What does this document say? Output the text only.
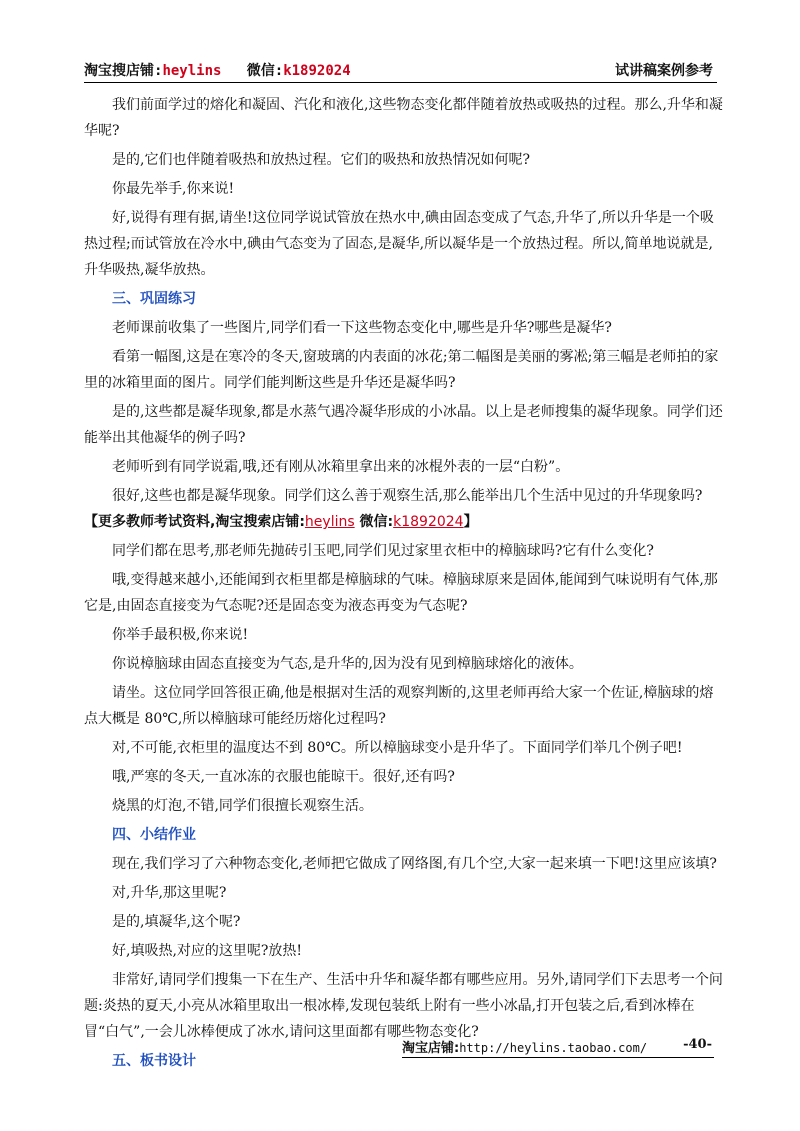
淘宝搜店铺:heylins 微信:k1892024	试讲稿案例参考

我们前面学过的熔化和凝固、汽化和液化,这些物态变化都伴随着放热或吸热的过程。那么,升华和凝华呢?

是的,它们也伴随着吸热和放热过程。它们的吸热和放热情况如何呢?

你最先举手,你来说!

好,说得有理有据,请坐!这位同学说试管放在热水中,碘由固态变成了气态,升华了,所以升华是一个吸热过程;而试管放在冷水中,碘由气态变为了固态,是凝华,所以凝华是一个放热过程。所以,简单地说就是,升华吸热,凝华放热。

三、巩固练习

老师课前收集了一些图片,同学们看一下这些物态变化中,哪些是升华?哪些是凝华?

看第一幅图,这是在寒冷的冬天,窗玻璃的内表面的冰花;第二幅图是美丽的雾凇;第三幅是老师拍的家里的冰箱里面的图片。同学们能判断这些是升华还是凝华吗?

是的,这些都是凝华现象,都是水蒸气遇冷凝华形成的小冰晶。以上是老师搜集的凝华现象。同学们还能举出其他凝华的例子吗?

老师听到有同学说霜,哦,还有刚从冰箱里拿出来的冰棍外表的一层“白粉”。

很好,这些也都是凝华现象。同学们这么善于观察生活,那么能举出几个生活中见过的升华现象吗?【更多教师考试资料,淘宝搜索店铺:heylins 微信:k1892024】

同学们都在思考,那老师先抛砖引玉吧,同学们见过家里衣柜中的樟脑球吗?它有什么变化?

哦,变得越来越小,还能闻到衣柜里都是樟脑球的气味。樟脑球原来是固体,能闻到气味说明有气体,那它是,由固态直接变为气态呢?还是固态变为液态再变为气态呢?

你举手最积极,你来说!

你说樟脑球由固态直接变为气态,是升华的,因为没有见到樟脑球熔化的液体。

请坐。这位同学回答很正确,他是根据对生活的观察判断的,这里老师再给大家一个佐证,樟脑球的熔点大概是 80℃,所以樟脑球可能经历熔化过程吗?

对,不可能,衣柜里的温度达不到 80℃。所以樟脑球变小是升华了。下面同学们举几个例子吧!

哦,严寒的冬天,一直冰冻的衣服也能晾干。很好,还有吗?

烧黑的灯泡,不错,同学们很擅长观察生活。

四、小结作业

现在,我们学习了六种物态变化,老师把它做成了网络图,有几个空,大家一起来填一下吧!这里应该填?

对,升华,那这里呢?

是的,填凝华,这个呢?

好,填吸热,对应的这里呢?放热!

非常好,请同学们搜集一下在生产、生活中升华和凝华都有哪些应用。另外,请同学们下去思考一个问题:炎热的夏天,小亮从冰箱里取出一根冰棒,发现包装纸上附有一些小冰晶,打开包装之后,看到冰棒在冒“白气”,一会儿冰棒便成了冰水,请问这里面都有哪些物态变化?

五、板书设计
淘宝店铺:http://heylins.taobao.com/	-40-
